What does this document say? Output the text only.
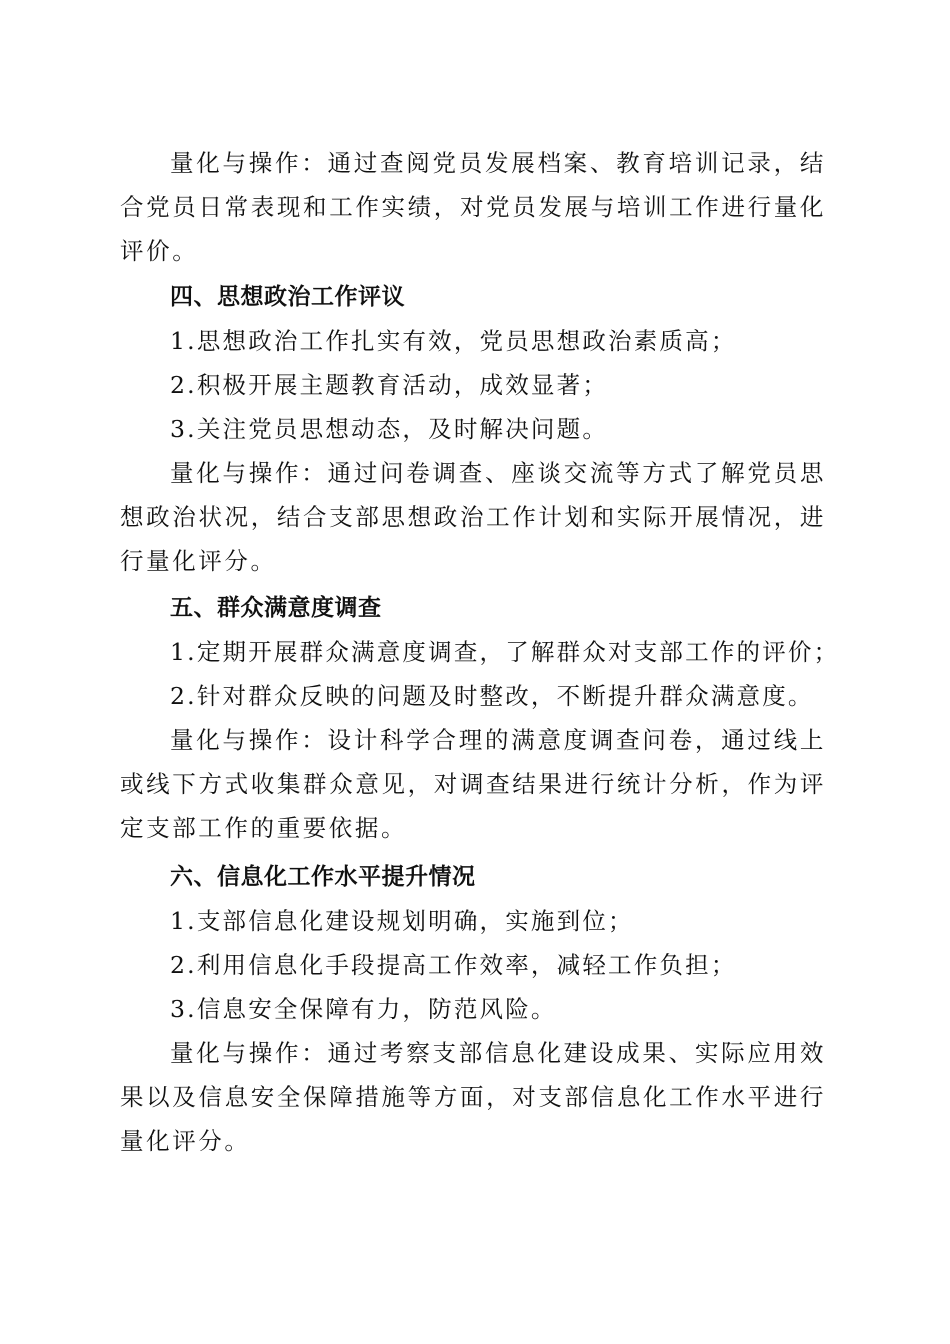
量化与操作：通过查阅党员发展档案、教育培训记录，结合党员日常表现和工作实绩，对党员发展与培训工作进行量化评价。

四、思想政治工作评议

1.思想政治工作扎实有效，党员思想政治素质高；

2.积极开展主题教育活动，成效显著；

3.关注党员思想动态，及时解决问题。

量化与操作：通过问卷调查、座谈交流等方式了解党员思想政治状况，结合支部思想政治工作计划和实际开展情况，进行量化评分。

五、群众满意度调查

1.定期开展群众满意度调查，了解群众对支部工作的评价；

2.针对群众反映的问题及时整改，不断提升群众满意度。

量化与操作：设计科学合理的满意度调查问卷，通过线上或线下方式收集群众意见，对调查结果进行统计分析，作为评定支部工作的重要依据。

六、信息化工作水平提升情况

1.支部信息化建设规划明确，实施到位；

2.利用信息化手段提高工作效率，减轻工作负担；

3.信息安全保障有力，防范风险。

量化与操作：通过考察支部信息化建设成果、实际应用效果以及信息安全保障措施等方面，对支部信息化工作水平进行量化评分。
